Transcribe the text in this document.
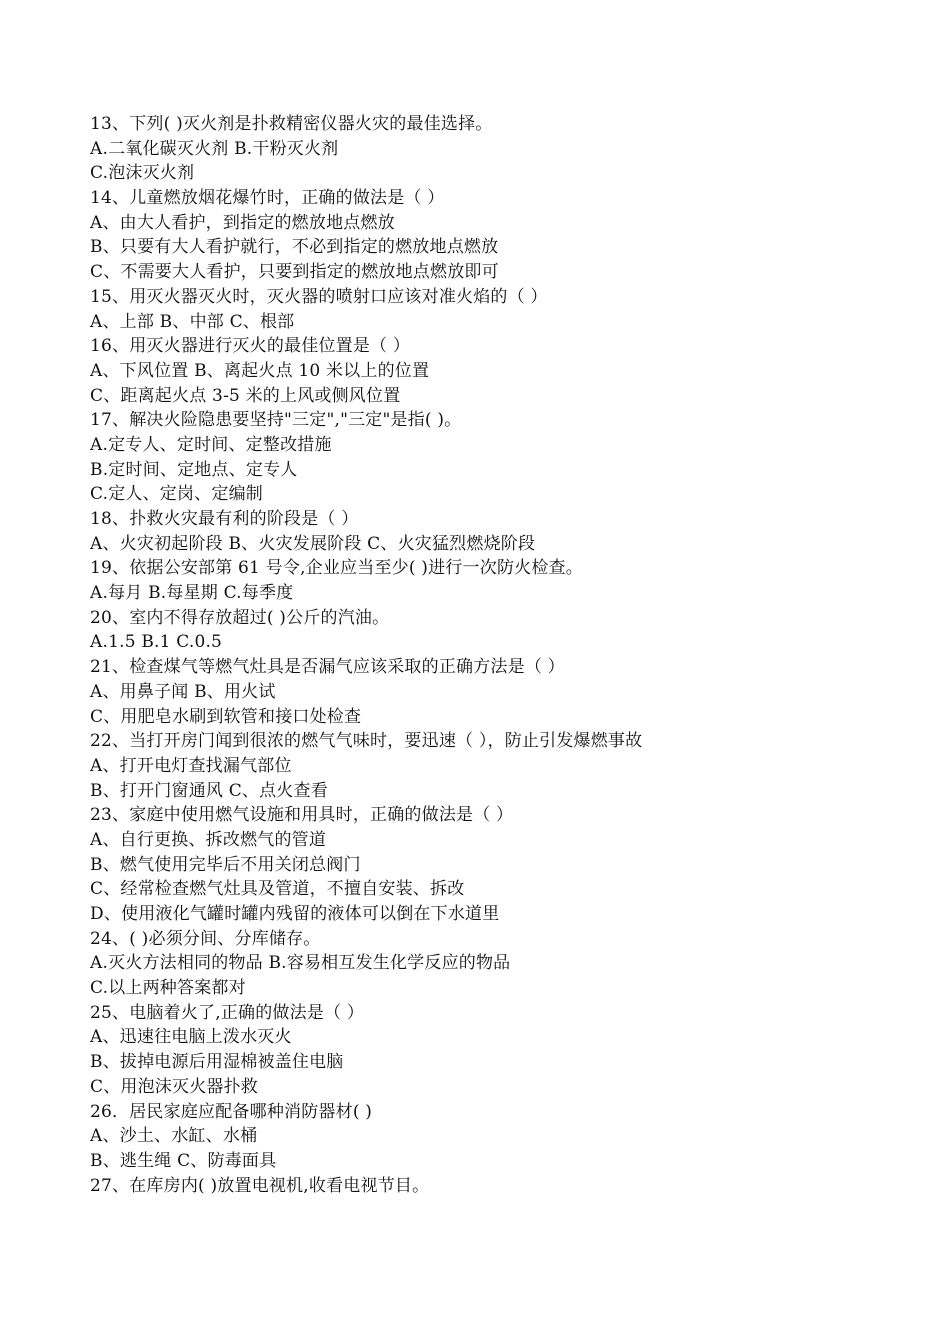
13、下列( )灭火剂是扑救精密仪器火灾的最佳选择。
A.二氧化碳灭火剂 B.干粉灭火剂
C.泡沫灭火剂
14、儿童燃放烟花爆竹时，正确的做法是（ ）
A、由大人看护，到指定的燃放地点燃放
B、只要有大人看护就行，不必到指定的燃放地点燃放
C、不需要大人看护，只要到指定的燃放地点燃放即可
15、用灭火器灭火时，灭火器的喷射口应该对准火焰的（ ）
A、上部 B、中部 C、根部
16、用灭火器进行灭火的最佳位置是（ ）
A、下风位置 B、离起火点 10 米以上的位置
C、距离起火点 3-5 米的上风或侧风位置
17、解决火险隐患要坚持"三定","三定"是指( )。
A.定专人、定时间、定整改措施
B.定时间、定地点、定专人
C.定人、定岗、定编制
18、扑救火灾最有利的阶段是（ ）
A、火灾初起阶段 B、火灾发展阶段 C、火灾猛烈燃烧阶段
19、依据公安部第 61 号令,企业应当至少( )进行一次防火检查。
A.每月 B.每星期 C.每季度
20、室内不得存放超过( )公斤的汽油。
A.1.5 B.1 C.0.5
21、检查煤气等燃气灶具是否漏气应该采取的正确方法是（ ）
A、用鼻子闻 B、用火试
C、用肥皂水刷到软管和接口处检查
22、当打开房门闻到很浓的燃气气味时，要迅速（ ），防止引发爆燃事故
A、打开电灯查找漏气部位
B、打开门窗通风 C、点火查看
23、家庭中使用燃气设施和用具时，正确的做法是（ ）
A、自行更换、拆改燃气的管道
B、燃气使用完毕后不用关闭总阀门
C、经常检查燃气灶具及管道，不擅自安装、拆改
D、使用液化气罐时罐内残留的液体可以倒在下水道里
24、( )必须分间、分库储存。
A.灭火方法相同的物品 B.容易相互发生化学反应的物品
C.以上两种答案都对
25、电脑着火了,正确的做法是（ ）
A、迅速往电脑上泼水灭火
B、拔掉电源后用湿棉被盖住电脑
C、用泡沫灭火器扑救
26．居民家庭应配备哪种消防器材( )
A、沙土、水缸、水桶
B、逃生绳 C、防毒面具
27、在库房内( )放置电视机,收看电视节目。
